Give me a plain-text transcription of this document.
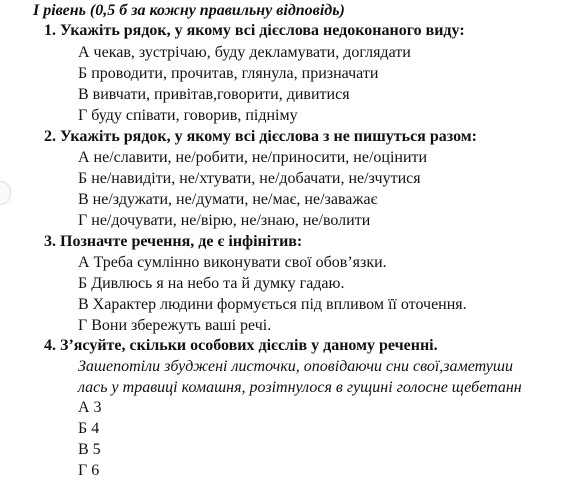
I рівень (0,5 б за кожну правильну відповідь)
1. Укажіть рядок, у якому всі дієслова недоконаного виду:
А чекав, зустрічаю, буду декламувати, доглядати
Б проводити, прочитав, глянула, призначати
В вивчати, привітав,говорити, дивитися
Г буду співати, говорив, підніму
2. Укажіть рядок, у якому всі дієслова з не пишуться разом:
А не/славити, не/робити, не/приносити, не/оцінити
Б не/навидіти, не/хтувати, не/добачати, не/зчутися
В не/здужати, не/думати, не/має, не/заважає
Г не/дочувати, не/вірю, не/знаю, не/волити
3. Позначте речення, де є інфінітив:
А Треба сумлінно виконувати свої обов’язки.
Б Дивлюсь я на небо та й думку гадаю.
В Характер людини формується під впливом її оточення.
Г Вони збережуть ваші речі.
4. З’ясуйте, скільки особових дієслів у даному реченні.
Зашепотіли збуджені листочки, оповідаючи сни свої,заметуши
лась у травиці комашня, розітнулося в гущині голосне щебетанн
А 3
Б 4
В 5
Г 6
